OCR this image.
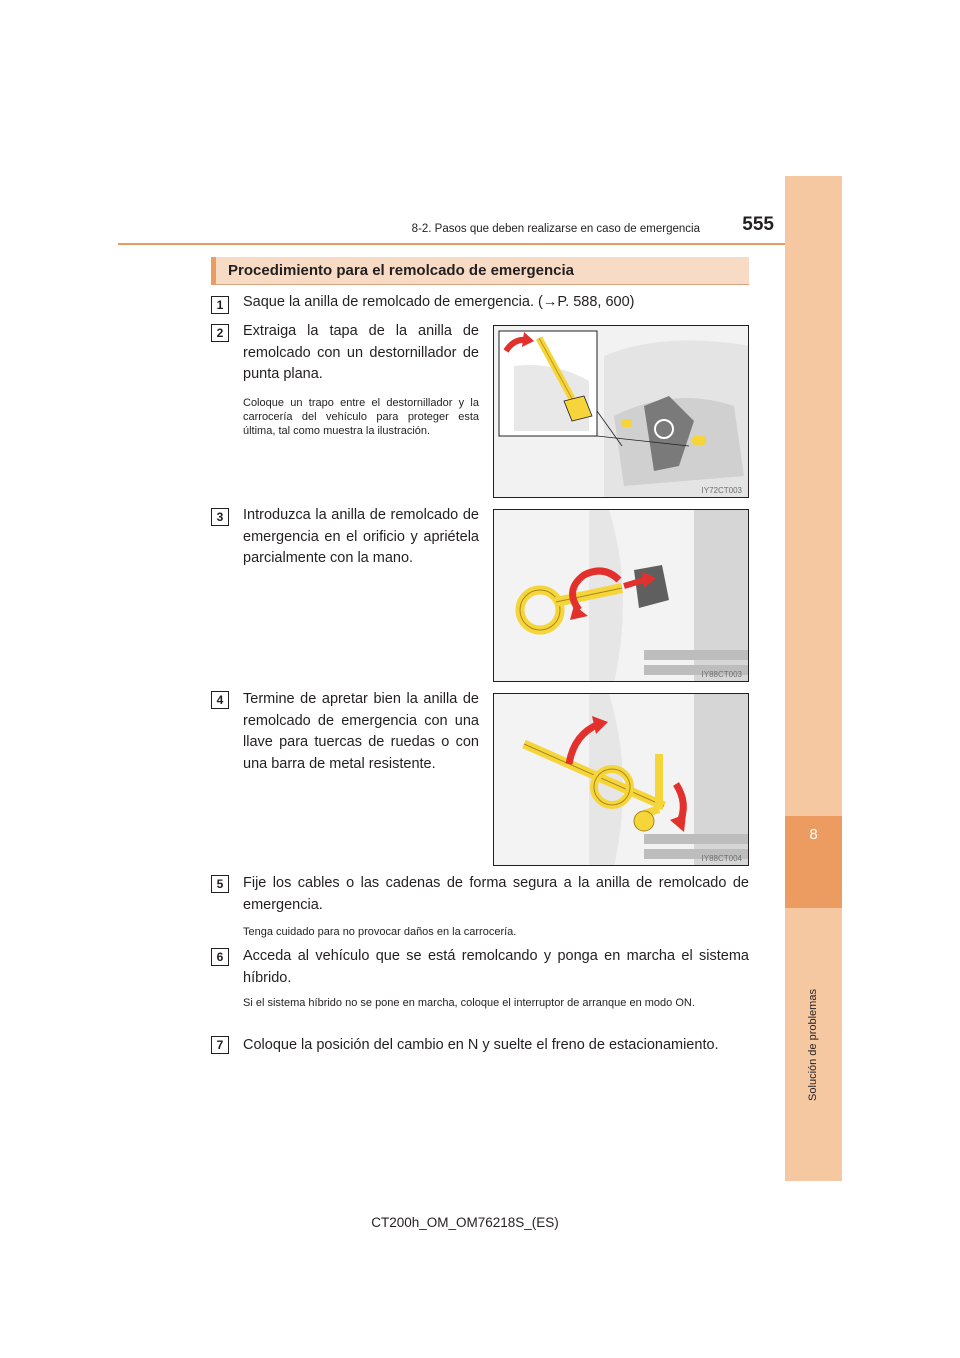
8
Solución de problemas
8-2. Pasos que deben realizarse en caso de emergencia	555
Procedimiento para el remolcado de emergencia
1	Saque la anilla de remolcado de emergencia. (→P. 588, 600)
2	Extraiga la tapa de la anilla de remolcado con un destornillador de punta plana.
Coloque un trapo entre el destornillador y la carrocería del vehículo para proteger esta última, tal como muestra la ilustración.
IY72CT003
3	Introduzca la anilla de remolcado de emergencia en el orificio y apriétela parcialmente con la mano.
IY88CT003
4	Termine de apretar bien la anilla de remolcado de emergencia con una llave para tuercas de ruedas o con una barra de metal resistente.
IY88CT004
5	Fije los cables o las cadenas de forma segura a la anilla de remolcado de emergencia.
Tenga cuidado para no provocar daños en la carrocería.
6	Acceda al vehículo que se está remolcando y ponga en marcha el sistema híbrido.
Si el sistema híbrido no se pone en marcha, coloque el interruptor de arranque en modo ON.
7	Coloque la posición del cambio en N y suelte el freno de estacionamiento.
CT200h_OM_OM76218S_(ES)
